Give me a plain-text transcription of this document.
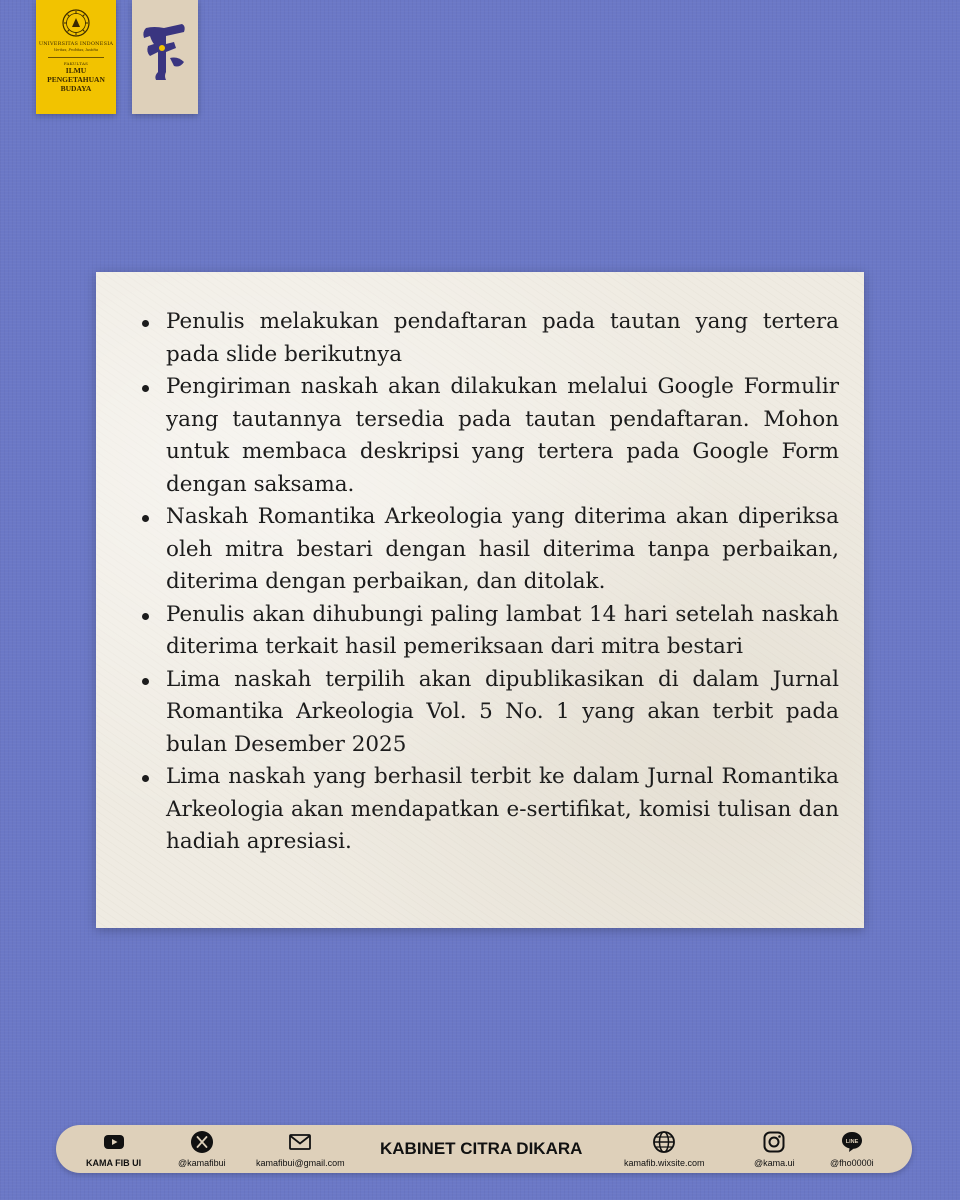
UNIVERSITAS INDONESIA
Veritas, Probitas, Iustitia
FAKULTAS
ILMU PENGETAHUAN BUDAYA
Penulis melakukan pendaftaran pada tautan yang tertera pada slide berikutnya
Pengiriman naskah akan dilakukan melalui Google Formulir yang tautannya tersedia pada tautan pendaftaran. Mohon untuk membaca deskripsi yang tertera pada Google Form dengan saksama.
Naskah Romantika Arkeologia yang diterima akan diperiksa oleh mitra bestari dengan hasil diterima tanpa perbaikan, diterima dengan perbaikan, dan ditolak.
Penulis akan dihubungi paling lambat 14 hari setelah naskah diterima terkait hasil pemeriksaan dari mitra bestari
Lima naskah terpilih akan dipublikasikan di dalam Jurnal Romantika Arkeologia Vol. 5 No. 1 yang akan terbit pada bulan Desember 2025
Lima naskah yang berhasil terbit ke dalam Jurnal Romantika Arkeologia akan mendapatkan e-sertifikat, komisi tulisan dan hadiah apresiasi.
KAMA FIB UI	@kamafibui	kamafibui@gmail.com
KABINET CITRA DIKARA
kamafib.wixsite.com	@kama.ui
LINE
@fho0000i
